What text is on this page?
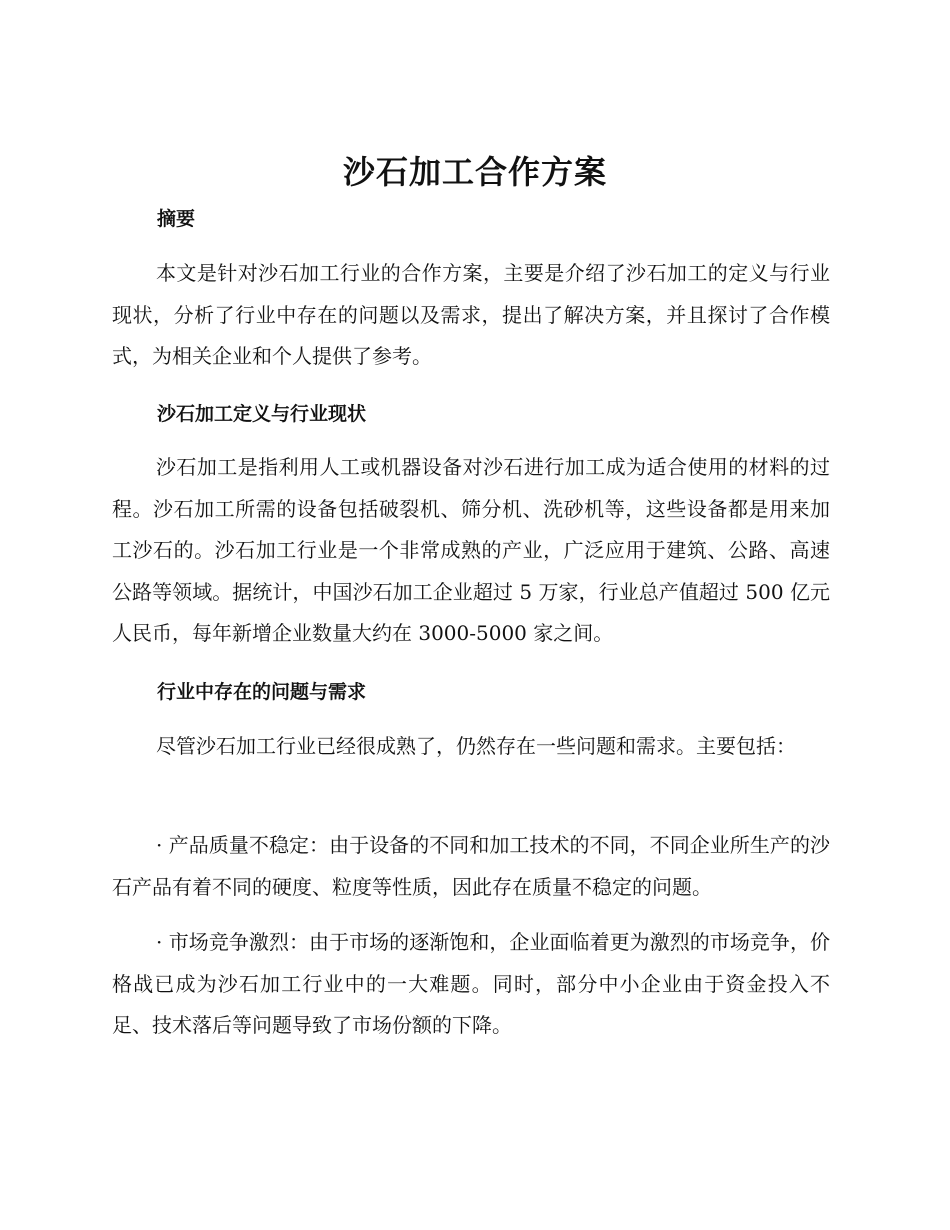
沙石加工合作方案
摘要

本文是针对沙石加工行业的合作方案，主要是介绍了沙石加工的定义与行业现状，分析了行业中存在的问题以及需求，提出了解决方案，并且探讨了合作模式，为相关企业和个人提供了参考。

沙石加工定义与行业现状

沙石加工是指利用人工或机器设备对沙石进行加工成为适合使用的材料的过程。沙石加工所需的设备包括破裂机、筛分机、洗砂机等，这些设备都是用来加工沙石的。沙石加工行业是一个非常成熟的产业，广泛应用于建筑、公路、高速公路等领域。据统计，中国沙石加工企业超过 5 万家，行业总产值超过 500 亿元人民币，每年新增企业数量大约在 3000-5000 家之间。

行业中存在的问题与需求

尽管沙石加工行业已经很成熟了，仍然存在一些问题和需求。主要包括：

· 产品质量不稳定：由于设备的不同和加工技术的不同，不同企业所生产的沙石产品有着不同的硬度、粒度等性质，因此存在质量不稳定的问题。

· 市场竞争激烈：由于市场的逐渐饱和，企业面临着更为激烈的市场竞争，价格战已成为沙石加工行业中的一大难题。同时，部分中小企业由于资金投入不足、技术落后等问题导致了市场份额的下降。
